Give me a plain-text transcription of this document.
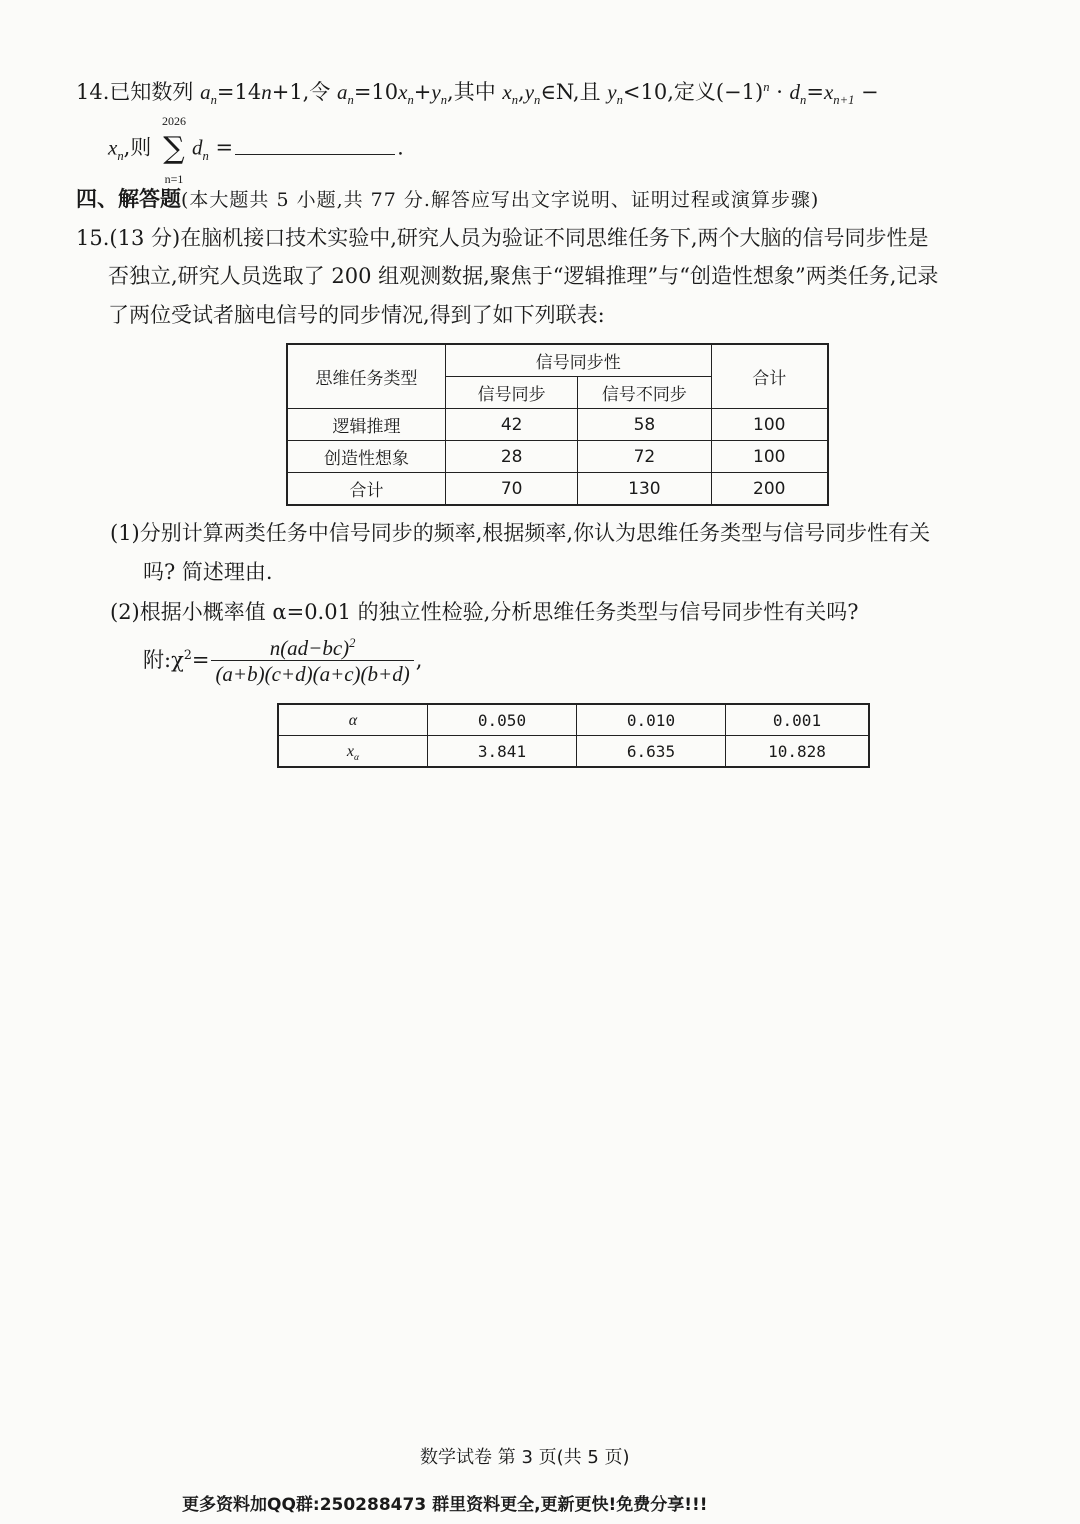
14.已知数列 $a_n=14n+1$,令 $a_n=10x_n+y_n$,其中 $x_n,y_n\in N$,且 $y_n<10$,定义$(-1)^n \cdot d_n=x_{n+1}$ −
$x_n$,则
2026
∑
n=1
$d_n$ =	.
四、解答题(本大题共 5 小题,共 77 分.解答应写出文字说明、证明过程或演算步骤)
15.(13 分)在脑机接口技术实验中,研究人员为验证不同思维任务下,两个大脑的信号同步性是
否独立,研究人员选取了 200 组观测数据,聚焦于“逻辑推理”与“创造性想象”两类任务,记录
了两位受试者脑电信号的同步情况,得到了如下列联表:
思维任务类型	信号同步性		合计
	信号同步	信号不同步	
逻辑推理	42	58	100
创造性想象	28	72	100
合计	70	130	200
(1)分别计算两类任务中信号同步的频率,根据频率,你认为思维任务类型与信号同步性有关
吗? 简述理由.
(2)根据小概率值 α=0.01 的独立性检验,分析思维任务类型与信号同步性有关吗?
附$:\chi^2= \frac{n(ad-bc)^2}{(a+b)(c+d)(a+c)(b+d)}$ ,
α	0.050	0.010	0.001
$x_\alpha$	3.841	6.635	10.828
数学试卷 第 3 页(共 5 页)
更多资料加QQ群:250288473 群里资料更全,更新更快!免费分享!!!
